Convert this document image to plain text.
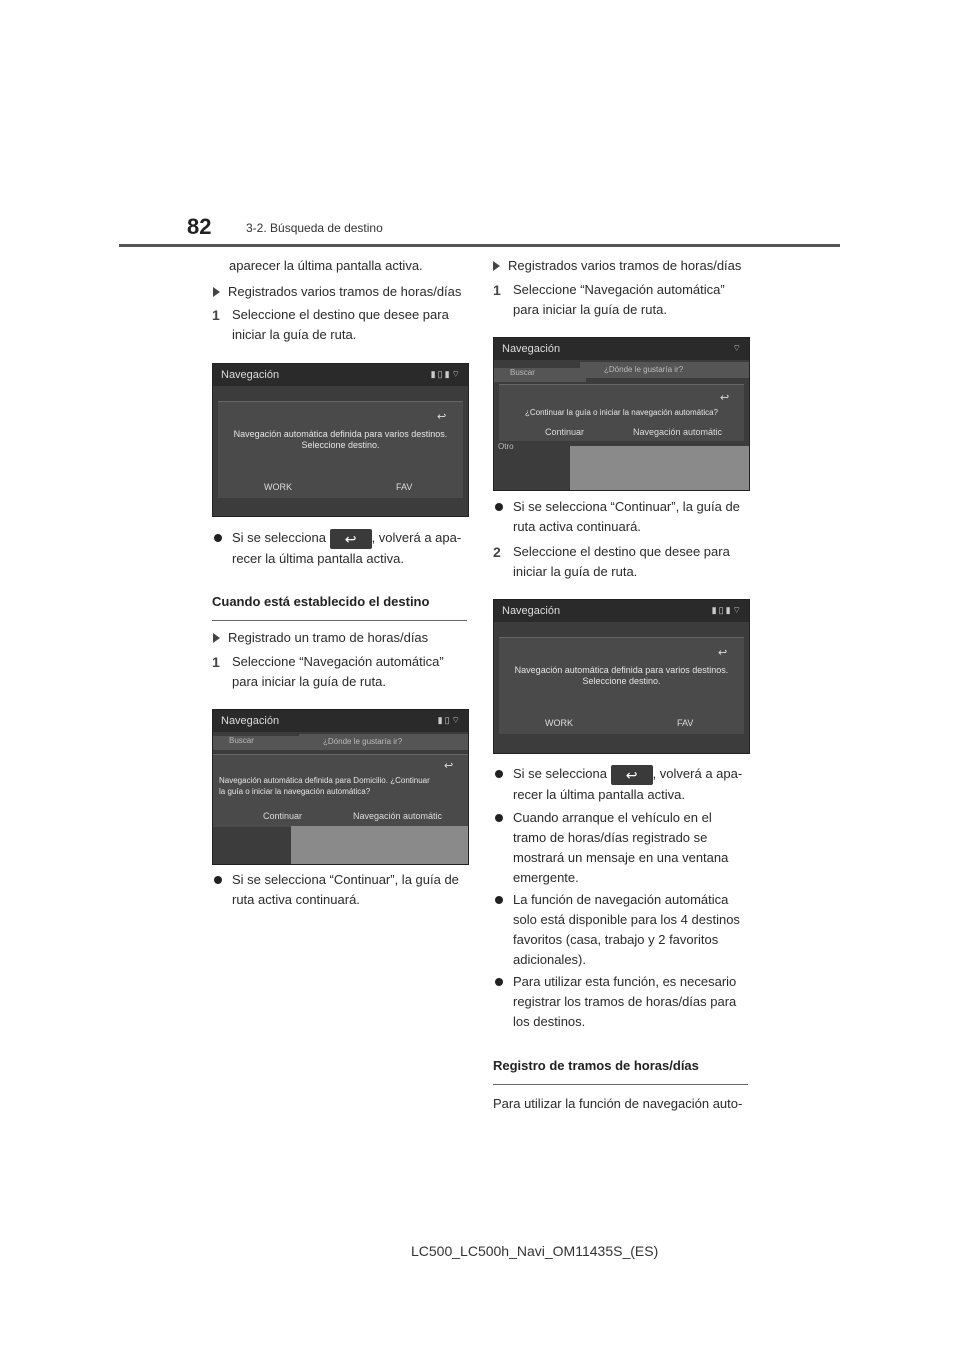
82	3-2. Búsqueda de destino
aparecer la última pantalla activa.
Registrados varios tramos de horas/días
1 Seleccione el destino que desee para iniciar la guía de ruta.
Navegación	▮▯▮⌔
↩
Navegación automática definida para varios destinos.
Seleccione destino.
WORK	FAV
Si se selecciona ↩ , volverá a apa-
recer la última pantalla activa.
Cuando está establecido el destino
Registrado un tramo de horas/días
1 Seleccione “Navegación automática” para iniciar la guía de ruta.
Navegación	▮▯⌔
Buscar	¿Dónde le gustaría ir?
↩
Navegación automática definida para Domicilio. ¿Continuar
la guía o iniciar la navegación automática?
Continuar	Navegación automátic
Si se selecciona “Continuar”, la guía de ruta activa continuará.
Registrados varios tramos de horas/días
1 Seleccione “Navegación automática” para iniciar la guía de ruta.
Navegación	⌔
Buscar	¿Dónde le gustaría ir?
↩
¿Continuar la guía o iniciar la navegación automática?
Continuar	Navegación automátic
Otro
Si se selecciona “Continuar”, la guía de ruta activa continuará.
2 Seleccione el destino que desee para iniciar la guía de ruta.
Navegación	▮▯▮⌔
↩
Navegación automática definida para varios destinos.
Seleccione destino.
WORK	FAV
Si se selecciona ↩ , volverá a apa-
recer la última pantalla activa.
Cuando arranque el vehículo en el tramo de horas/días registrado se mostrará un mensaje en una ventana emergente.
La función de navegación automática solo está disponible para los 4 destinos favoritos (casa, trabajo y 2 favoritos adicionales).
Para utilizar esta función, es necesario registrar los tramos de horas/días para los destinos.
Registro de tramos de horas/días
Para utilizar la función de navegación auto-
LC500_LC500h_Navi_OM11435S_(ES)
